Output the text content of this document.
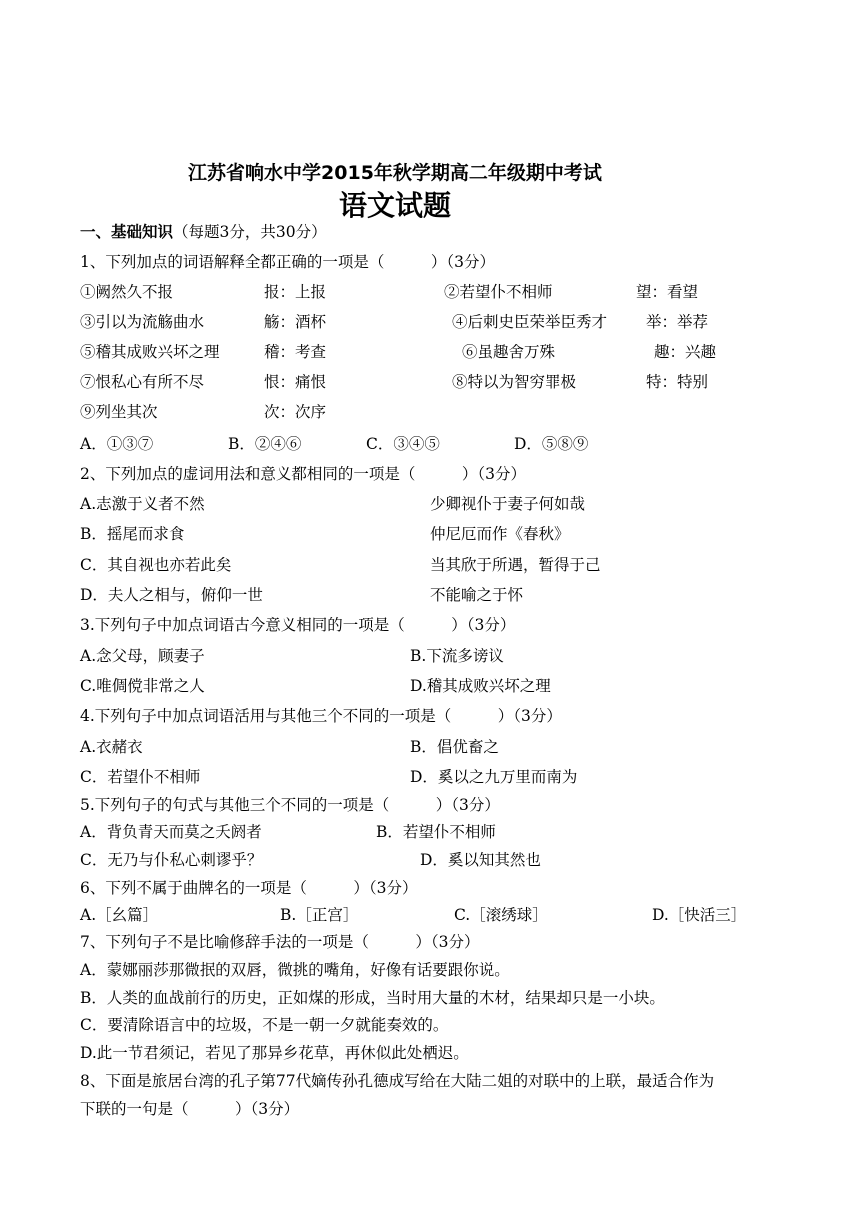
江苏省响水中学2015年秋学期高二年级期中考试
语文试题
一、基础知识（每题3分，共30分）
1、下列加点的词语解释全都正确的一项是（　　　）（3分）
①阙然久不报	报：上报	②若望仆不相师	望：看望
③引以为流觞曲水	觞：酒杯	④后刺史臣荣举臣秀才	举：举荐
⑤稽其成败兴坏之理	稽：考查	⑥虽趣舍万殊	趣：兴趣
⑦恨私心有所不尽	恨：痛恨	⑧特以为智穷罪极	特：特别
⑨列坐其次	次：次序
A．①③⑦	B．②④⑥	C．③④⑤	D．⑤⑧⑨
2、下列加点的虚词用法和意义都相同的一项是（　　　）（3分）
A.志激于义者不然	少卿视仆于妻子何如哉
B．摇尾而求食	仲尼厄而作《春秋》
C．其自视也亦若此矣	当其欣于所遇，暂得于己
D．夫人之相与，俯仰一世	不能喻之于怀
3.下列句子中加点词语古今意义相同的一项是（　　　）（3分）
A.念父母，顾妻子	B.下流多谤议
C.唯倜傥非常之人	D.稽其成败兴坏之理
4.下列句子中加点词语活用与其他三个不同的一项是（　　　）（3分）
A.衣赭衣	B．倡优畜之
C．若望仆不相师	D．奚以之九万里而南为
5.下列句子的句式与其他三个不同的一项是（　　　）（3分）
A．背负青天而莫之夭阏者	B．若望仆不相师
C．无乃与仆私心刺谬乎？	D．奚以知其然也
6、下列不属于曲牌名的一项是（　　　）（3分）
A.［幺篇］	B.［正宫］	C.［滚绣球］	D.［快活三］
7、下列句子不是比喻修辞手法的一项是（　　　）（3分）
A．蒙娜丽莎那微抿的双唇，微挑的嘴角，好像有话要跟你说。
B．人类的血战前行的历史，正如煤的形成，当时用大量的木材，结果却只是一小块。
C．要清除语言中的垃圾，不是一朝一夕就能奏效的。
D.此一节君须记，若见了那异乡花草，再休似此处栖迟。
8、下面是旅居台湾的孔子第77代嫡传孙孔德成写给在大陆二姐的对联中的上联，最适合作为
下联的一句是（　　　）（3分）
